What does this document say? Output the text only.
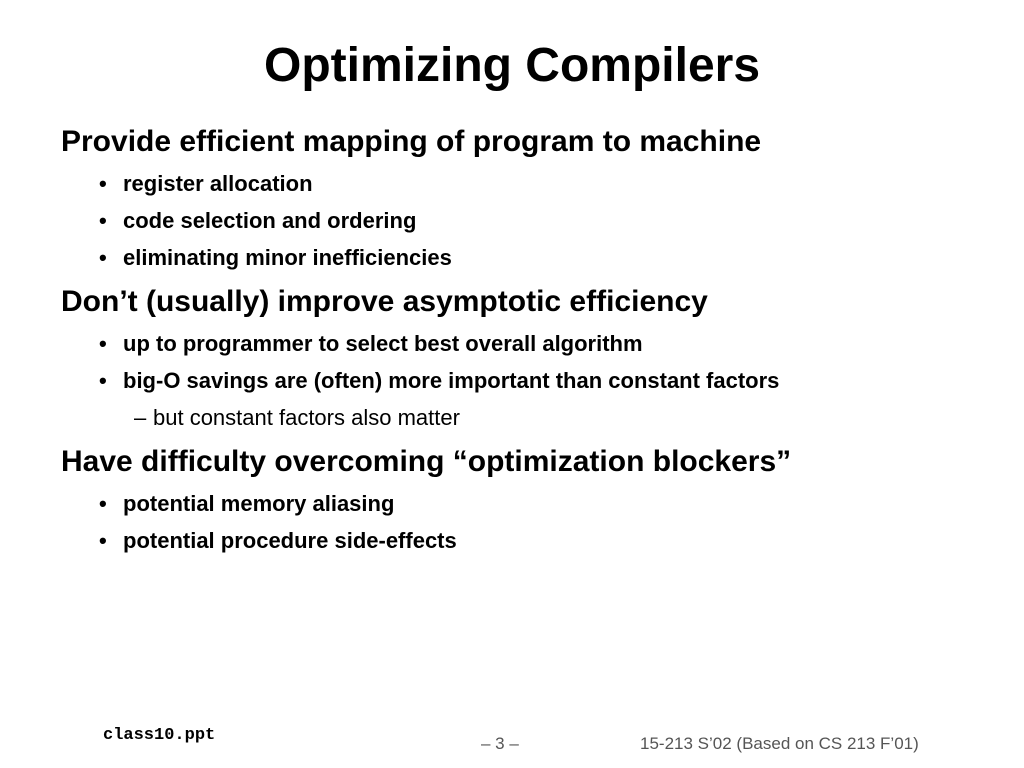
Optimizing Compilers
Provide efficient mapping of program to machine
• register allocation
• code selection and ordering
• eliminating minor inefficiencies
Don’t (usually) improve asymptotic efficiency
• up to programmer to select best overall algorithm
• big-O savings are (often) more important than constant factors
– but constant factors also matter
Have difficulty overcoming “optimization blockers”
• potential memory aliasing
• potential procedure side-effects
class10.ppt	– 3 –	15-213 S’02 (Based on CS 213 F’01)
